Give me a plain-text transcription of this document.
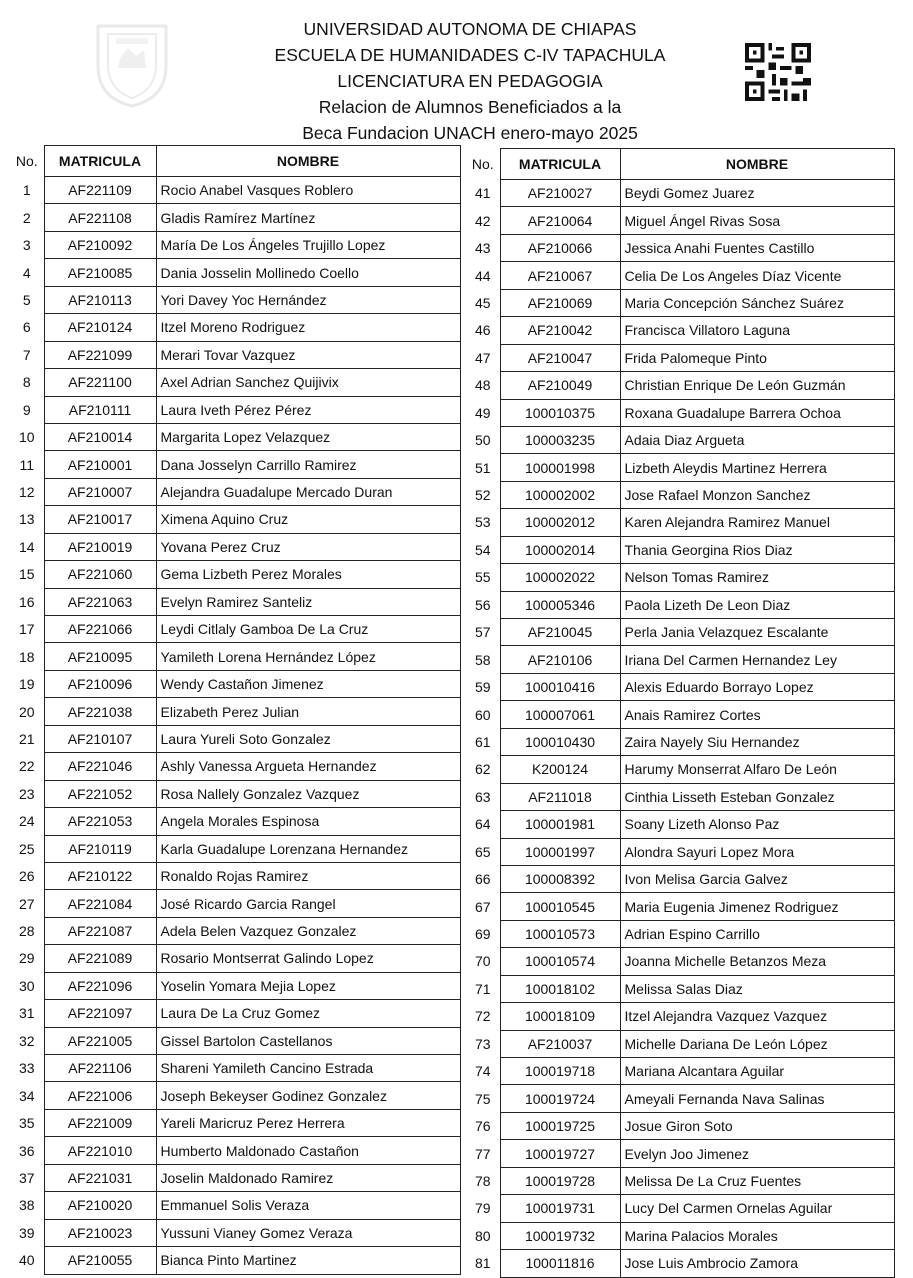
UNIVERSIDAD AUTONOMA DE CHIAPAS
ESCUELA DE HUMANIDADES C-IV TAPACHULA
LICENCIATURA EN PEDAGOGIA
Relacion de Alumnos Beneficiados a la
Beca Fundacion UNACH enero-mayo 2025
No.	MATRICULA	NOMBRE
1	AF221109	Rocio Anabel Vasques Roblero
2	AF221108	Gladis Ramírez Martínez
3	AF210092	María De Los Ángeles Trujillo Lopez
4	AF210085	Dania Josselin Mollinedo Coello
5	AF210113	Yori Davey Yoc Hernández
6	AF210124	Itzel Moreno Rodriguez
7	AF221099	Merari Tovar Vazquez
8	AF221100	Axel Adrian Sanchez Quijivix
9	AF210111	Laura Iveth Pérez Pérez
10	AF210014	Margarita Lopez Velazquez
11	AF210001	Dana Josselyn Carrillo Ramirez
12	AF210007	Alejandra Guadalupe Mercado Duran
13	AF210017	Ximena Aquino Cruz
14	AF210019	Yovana Perez Cruz
15	AF221060	Gema Lizbeth Perez Morales
16	AF221063	Evelyn Ramirez Santeliz
17	AF221066	Leydi Citlaly Gamboa De La Cruz
18	AF210095	Yamileth Lorena Hernández López
19	AF210096	Wendy Castañon Jimenez
20	AF221038	Elizabeth Perez Julian
21	AF210107	Laura Yureli Soto Gonzalez
22	AF221046	Ashly Vanessa Argueta Hernandez
23	AF221052	Rosa Nallely Gonzalez Vazquez
24	AF221053	Angela Morales Espinosa
25	AF210119	Karla Guadalupe Lorenzana Hernandez
26	AF210122	Ronaldo Rojas Ramirez
27	AF221084	José Ricardo Garcia Rangel
28	AF221087	Adela Belen Vazquez Gonzalez
29	AF221089	Rosario Montserrat Galindo Lopez
30	AF221096	Yoselin Yomara Mejia Lopez
31	AF221097	Laura De La Cruz Gomez
32	AF221005	Gissel Bartolon Castellanos
33	AF221106	Shareni Yamileth Cancino Estrada
34	AF221006	Joseph Bekeyser Godinez Gonzalez
35	AF221009	Yareli Maricruz Perez Herrera
36	AF221010	Humberto Maldonado Castañon
37	AF221031	Joselin Maldonado Ramirez
38	AF210020	Emmanuel Solis Veraza
39	AF210023	Yussuni Vianey Gomez Veraza
40	AF210055	Bianca Pinto Martinez
No.	MATRICULA	NOMBRE
41	AF210027	Beydi Gomez Juarez
42	AF210064	Miguel Ángel Rivas Sosa
43	AF210066	Jessica Anahi Fuentes Castillo
44	AF210067	Celia De Los Angeles Díaz Vicente
45	AF210069	Maria Concepción Sánchez Suárez
46	AF210042	Francisca Villatoro Laguna
47	AF210047	Frida Palomeque Pinto
48	AF210049	Christian Enrique De León Guzmán
49	100010375	Roxana Guadalupe Barrera Ochoa
50	100003235	Adaia Diaz Argueta
51	100001998	Lizbeth Aleydis Martinez Herrera
52	100002002	Jose Rafael Monzon Sanchez
53	100002012	Karen Alejandra Ramirez Manuel
54	100002014	Thania Georgina Rios Diaz
55	100002022	Nelson Tomas Ramirez
56	100005346	Paola Lizeth De Leon Diaz
57	AF210045	Perla Jania Velazquez Escalante
58	AF210106	Iriana Del Carmen Hernandez Ley
59	100010416	Alexis Eduardo Borrayo Lopez
60	100007061	Anais Ramirez Cortes
61	100010430	Zaira Nayely Siu Hernandez
62	K200124	Harumy Monserrat Alfaro De León
63	AF211018	Cinthia Lisseth Esteban Gonzalez
64	100001981	Soany Lizeth Alonso Paz
65	100001997	Alondra Sayuri Lopez Mora
66	100008392	Ivon Melisa Garcia Galvez
67	100010545	Maria Eugenia Jimenez Rodriguez
69	100010573	Adrian Espino Carrillo
70	100010574	Joanna Michelle Betanzos Meza
71	100018102	Melissa Salas Diaz
72	100018109	Itzel Alejandra Vazquez Vazquez
73	AF210037	Michelle Dariana De León López
74	100019718	Mariana Alcantara Aguilar
75	100019724	Ameyali Fernanda Nava Salinas
76	100019725	Josue Giron Soto
77	100019727	Evelyn Joo Jimenez
78	100019728	Melissa De La Cruz Fuentes
79	100019731	Lucy Del Carmen Ornelas Aguilar
80	100019732	Marina Palacios Morales
81	100011816	Jose Luis Ambrocio Zamora
